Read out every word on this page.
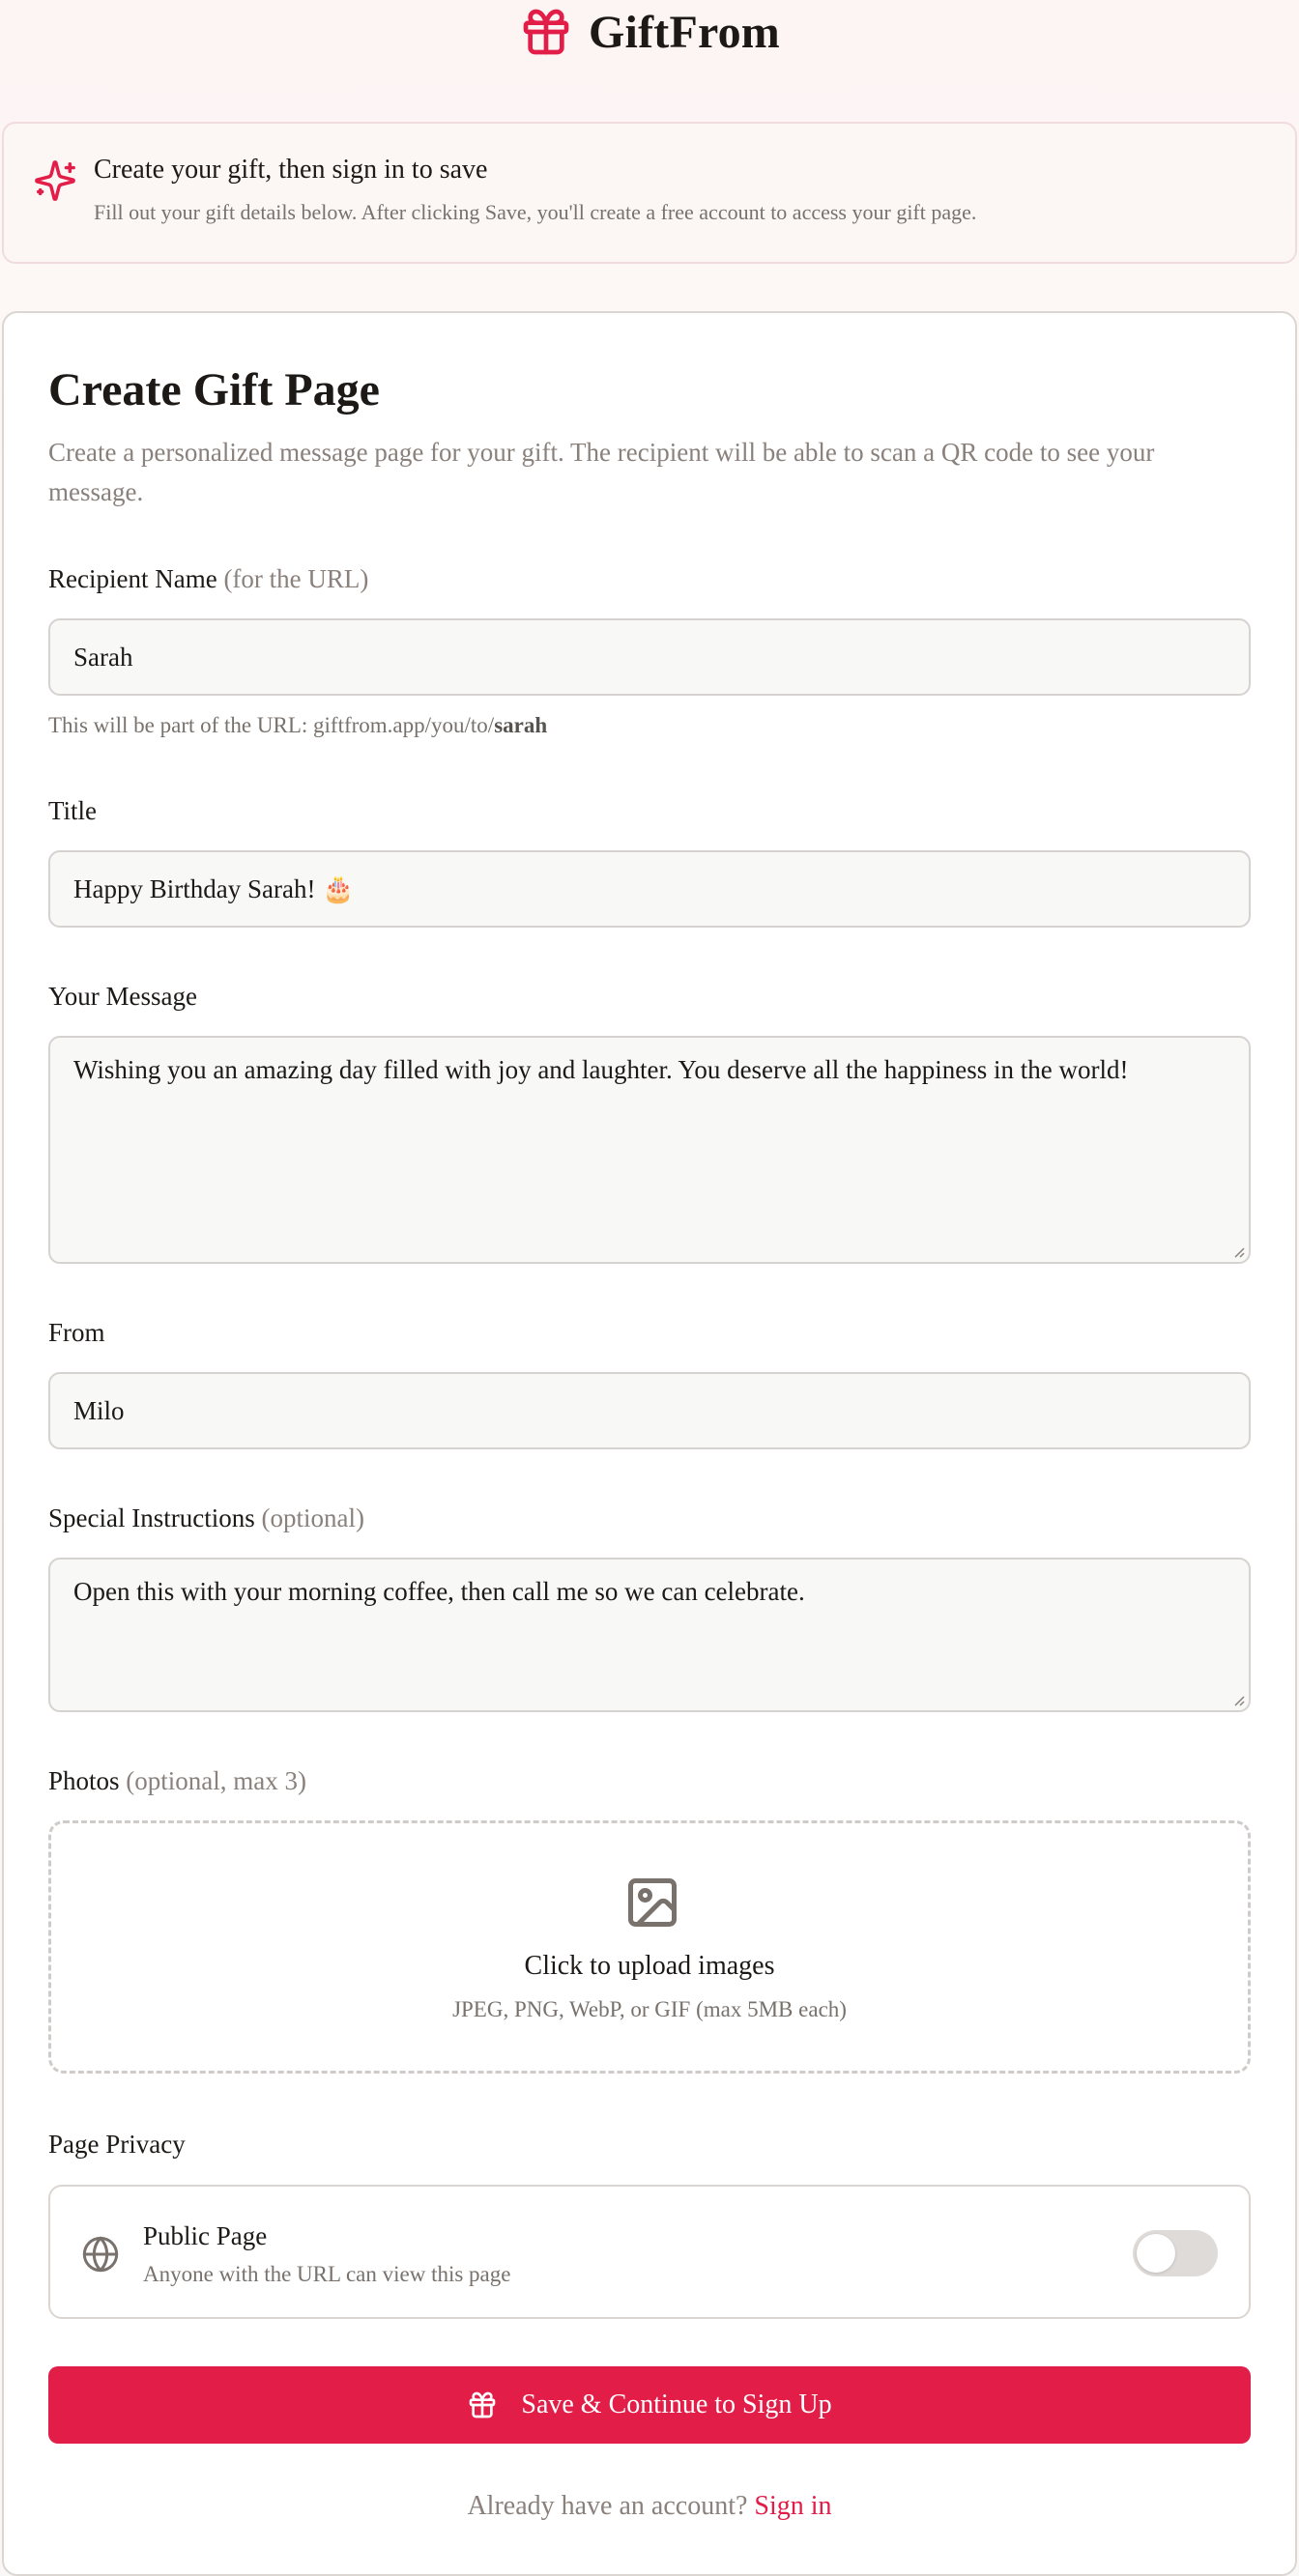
GiftFrom
Create your gift, then sign in to save
Fill out your gift details below. After clicking Save, you'll create a free account to access your gift page.
Create Gift Page
Create a personalized message page for your gift. The recipient will be able to scan a QR code to see your message.
Recipient Name (for the URL)
Sarah
This will be part of the URL: giftfrom.app/you/to/sarah
Title
Happy Birthday Sarah! 🎂
Your Message
Wishing you an amazing day filled with joy and laughter. You deserve all the happiness in the world!
From
Milo
Special Instructions (optional)
Open this with your morning coffee, then call me so we can celebrate.
Photos (optional, max 3)
Click to upload images
JPEG, PNG, WebP, or GIF (max 5MB each)
Page Privacy
Public Page
Anyone with the URL can view this page
Save & Continue to Sign Up
Already have an account? Sign in
